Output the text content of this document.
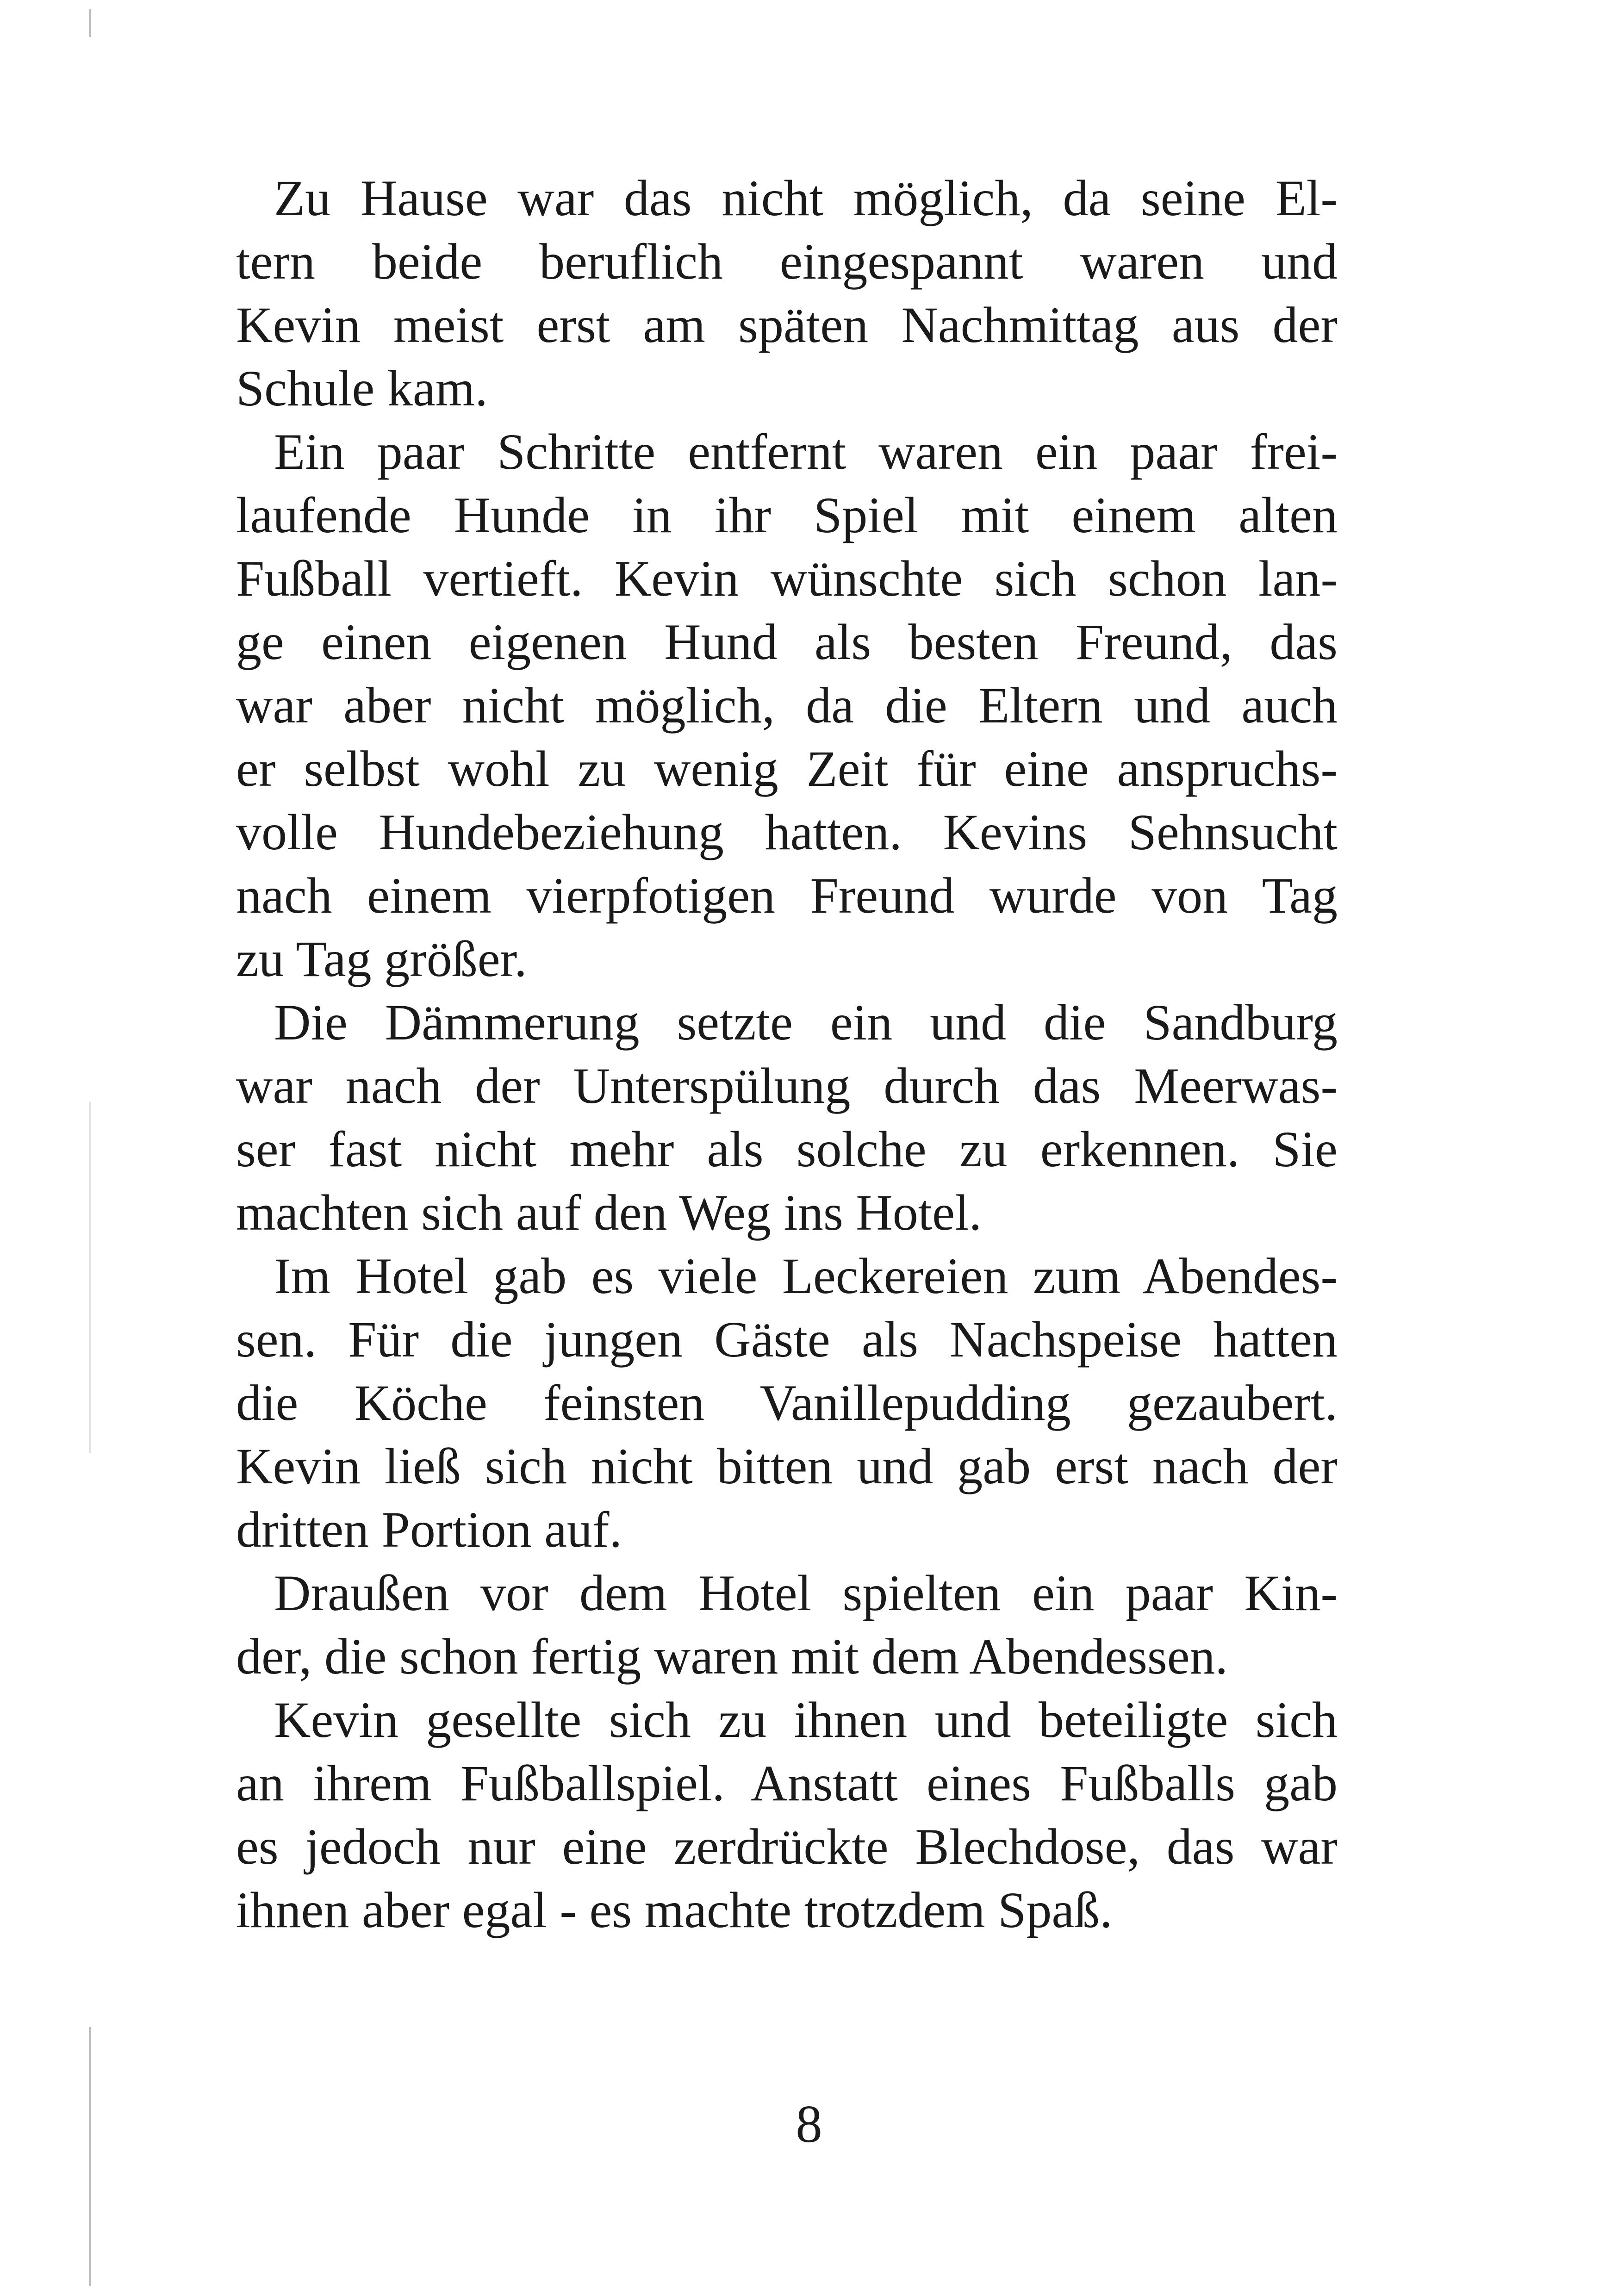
Zu Hause war das nicht möglich, da seine El-
tern beide beruflich eingespannt waren und
Kevin meist erst am späten Nachmittag aus der
Schule kam.
Ein paar Schritte entfernt waren ein paar frei-
laufende Hunde in ihr Spiel mit einem alten
Fußball vertieft. Kevin wünschte sich schon lan-
ge einen eigenen Hund als besten Freund, das
war aber nicht möglich, da die Eltern und auch
er selbst wohl zu wenig Zeit für eine anspruchs-
volle Hundebeziehung hatten. Kevins Sehnsucht
nach einem vierpfotigen Freund wurde von Tag
zu Tag größer.
Die Dämmerung setzte ein und die Sandburg
war nach der Unterspülung durch das Meerwas-
ser fast nicht mehr als solche zu erkennen. Sie
machten sich auf den Weg ins Hotel.
Im Hotel gab es viele Leckereien zum Abendes-
sen. Für die jungen Gäste als Nachspeise hatten
die Köche feinsten Vanillepudding gezaubert.
Kevin ließ sich nicht bitten und gab erst nach der
dritten Portion auf.
Draußen vor dem Hotel spielten ein paar Kin-
der, die schon fertig waren mit dem Abendessen.
Kevin gesellte sich zu ihnen und beteiligte sich
an ihrem Fußballspiel. Anstatt eines Fußballs gab
es jedoch nur eine zerdrückte Blechdose, das war
ihnen aber egal - es machte trotzdem Spaß.
8
